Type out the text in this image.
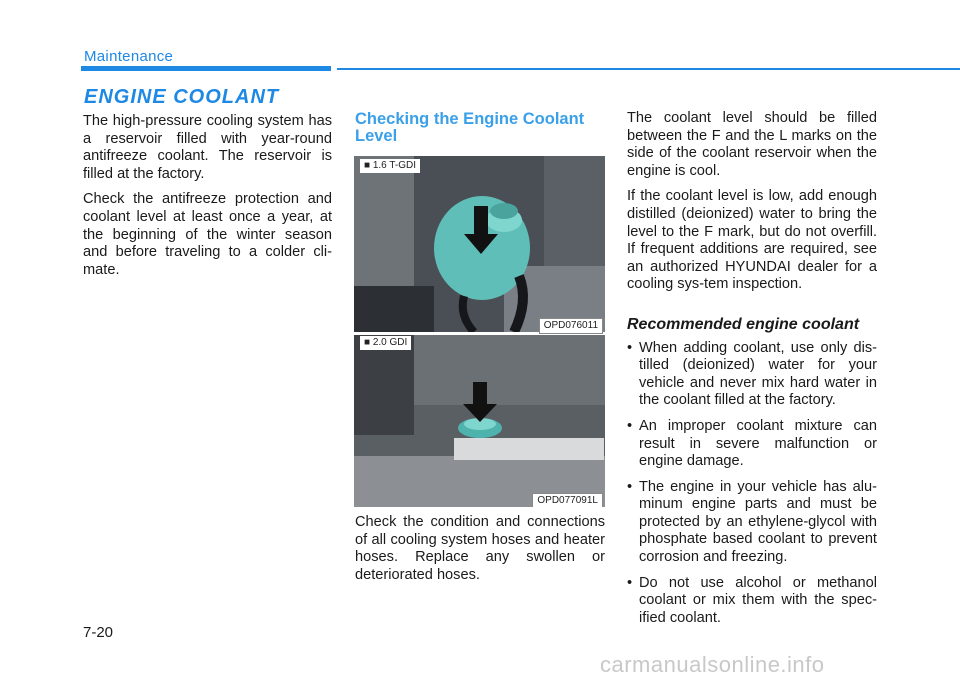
Maintenance
ENGINE COOLANT

The high-pressure cooling system has a reservoir filled with year-round antifreeze coolant. The reservoir is filled at the factory.

Check the antifreeze protection and coolant level at least once a year, at the beginning of the winter season and before traveling to a colder cli-mate.

Checking the Engine Coolant Level
■ 1.6 T-GDI
OPD076011
■ 2.0 GDI
OPD077091L
Check the condition and connections of all cooling system hoses and heater hoses. Replace any swollen or deteriorated hoses.

The coolant level should be filled between the F and the L marks on the side of the coolant reservoir when the engine is cool.

If the coolant level is low, add enough distilled (deionized) water to bring the level to the F mark, but do not overfill. If frequent additions are required, see an authorized HYUNDAI dealer for a cooling sys-tem inspection.

Recommended engine coolant
• When adding coolant, use only dis-tilled (deionized) water for your vehicle and never mix hard water in the coolant filled at the factory.
• An improper coolant mixture can result in severe malfunction or engine damage.
• The engine in your vehicle has alu-minum engine parts and must be protected by an ethylene-glycol with phosphate based coolant to prevent corrosion and freezing.
• Do not use alcohol or methanol coolant or mix them with the spec-ified coolant.
7-20
carmanualsonline.info
